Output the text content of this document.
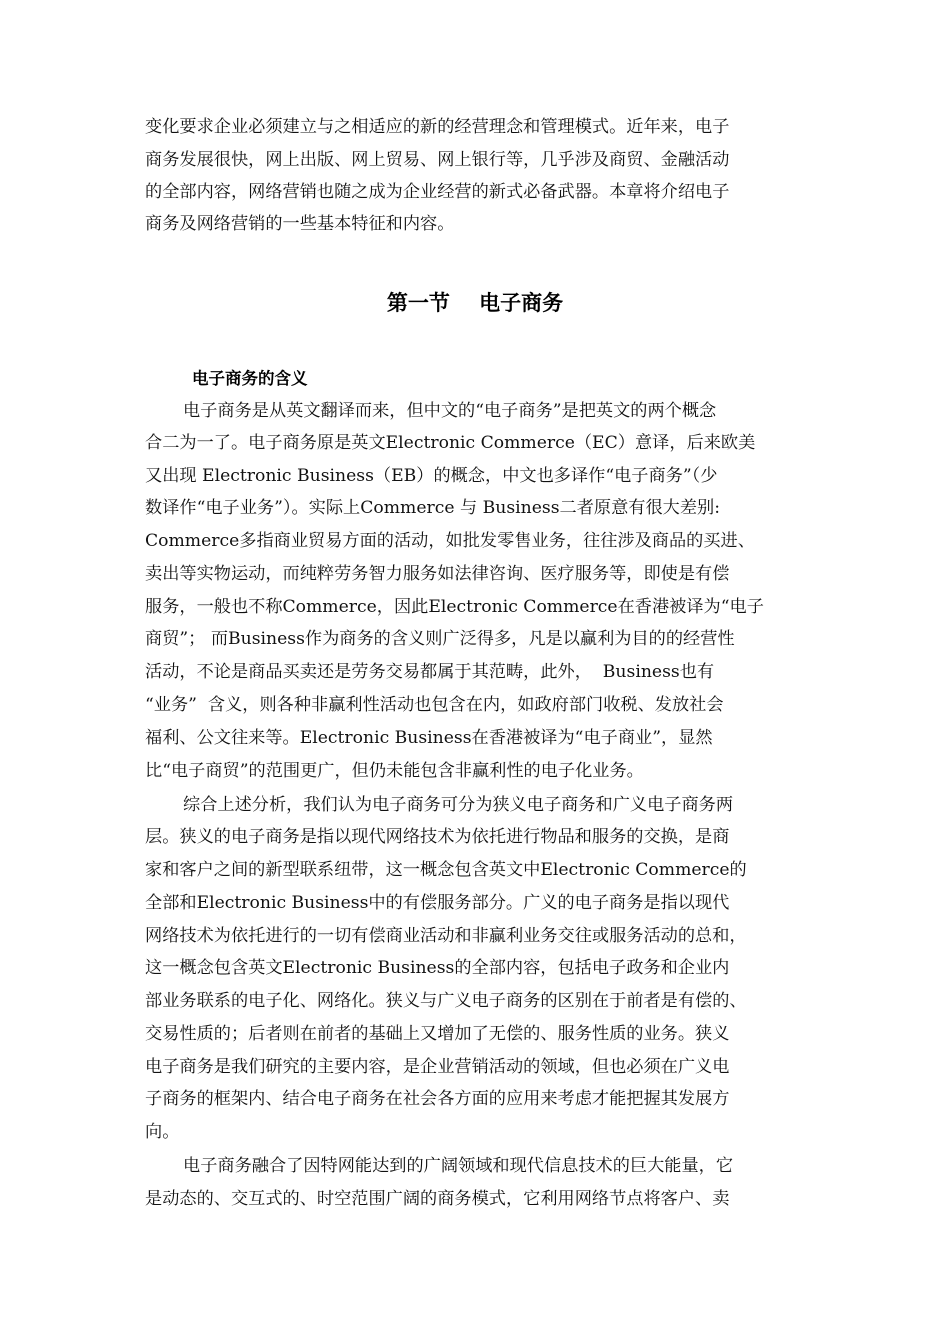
变化要求企业必须建立与之相适应的新的经营理念和管理模式。近年来，电子

商务发展很快，网上出版、网上贸易、网上银行等，几乎涉及商贸、金融活动

的全部内容，网络营销也随之成为企业经营的新式必备武器。本章将介绍电子

商务及网络营销的一些基本特征和内容。

第一节    电子商务
电子商务的含义

电子商务是从英文翻译而来，但中文的“电子商务”是把英文的两个概念

合二为一了。电子商务原是英文Electronic Commerce（EC）意译，后来欧美

又出现 Electronic Business（EB）的概念，中文也多译作“电子商务”（少

数译作“电子业务”）。实际上Commerce 与 Business二者原意有很大差别:

Commerce多指商业贸易方面的活动，如批发零售业务，往往涉及商品的买进、

卖出等实物运动，而纯粹劳务智力服务如法律咨询、医疗服务等，即使是有偿

服务，一般也不称Commerce，因此Electronic Commerce在香港被译为“电子

商贸”； 而Business作为商务的含义则广泛得多，凡是以赢利为目的的经营性

活动，不论是商品买卖还是劳务交易都属于其范畴，此外，  Business也有

“业务”  含义，则各种非赢利性活动也包含在内，如政府部门收税、发放社会

福利、公文往来等。Electronic Business在香港被译为“电子商业”，显然

比“电子商贸”的范围更广，但仍未能包含非赢利性的电子化业务。

综合上述分析，我们认为电子商务可分为狭义电子商务和广义电子商务两

层。狭义的电子商务是指以现代网络技术为依托进行物品和服务的交换，是商

家和客户之间的新型联系纽带，这一概念包含英文中Electronic Commerce的

全部和Electronic Business中的有偿服务部分。广义的电子商务是指以现代

网络技术为依托进行的一切有偿商业活动和非赢利业务交往或服务活动的总和，

这一概念包含英文Electronic Business的全部内容，包括电子政务和企业内

部业务联系的电子化、网络化。狭义与广义电子商务的区别在于前者是有偿的、

交易性质的；后者则在前者的基础上又增加了无偿的、服务性质的业务。狭义

电子商务是我们研究的主要内容，是企业营销活动的领域，但也必须在广义电

子商务的框架内、结合电子商务在社会各方面的应用来考虑才能把握其发展方

向。

电子商务融合了因特网能达到的广阔领域和现代信息技术的巨大能量，它

是动态的、交互式的、时空范围广阔的商务模式，它利用网络节点将客户、卖
